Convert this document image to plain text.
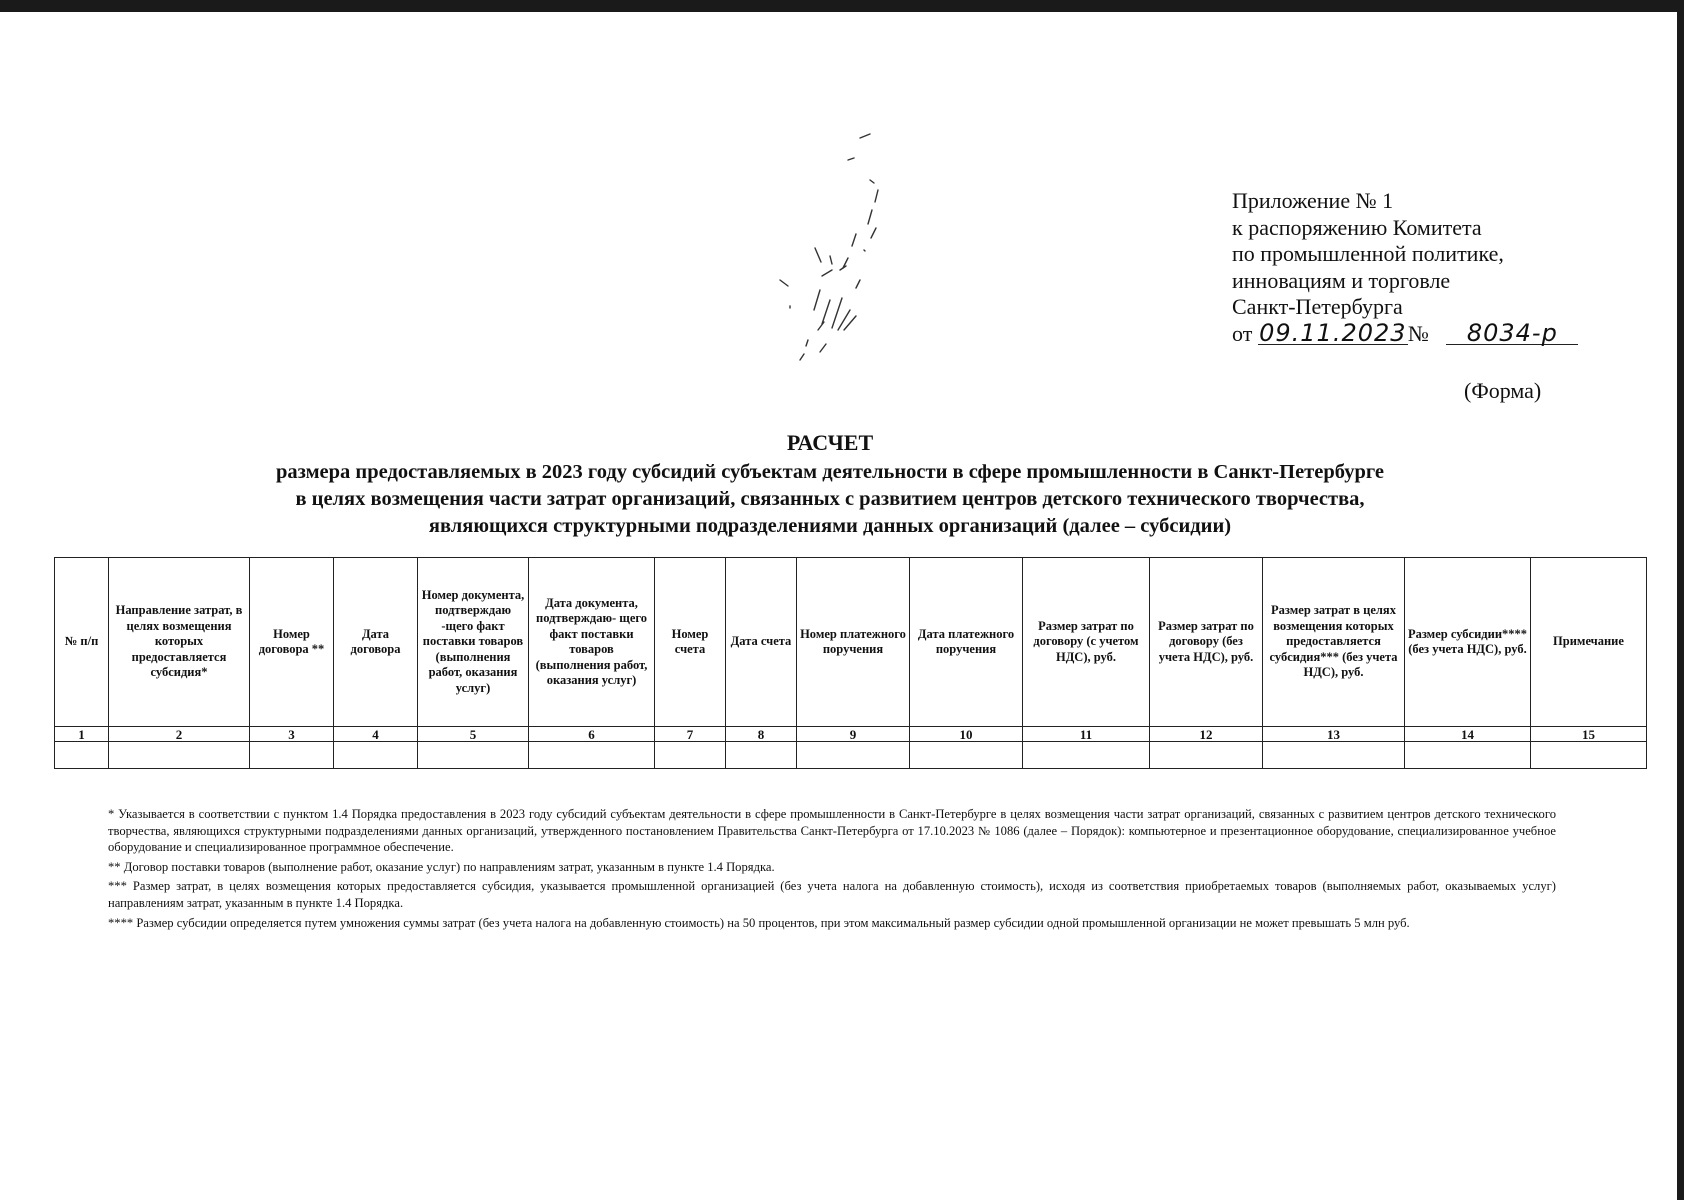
Приложение № 1
к распоряжению Комитета
по промышленной политике,
инновациям и торговле
Санкт-Петербурга
от 09.11.2023№ 8034-р
(Форма)
РАСЧЕТ
размера предоставляемых в 2023 году субсидий субъектам деятельности в сфере промышленности в Санкт-Петербурге
в целях возмещения части затрат организаций, связанных с развитием центров детского технического творчества,
являющихся структурными подразделениями данных организаций (далее – субсидии)
№ п/п	Направление затрат, в целях возмещения которых предоставляется субсидия*	Номер договора **	Дата договора	Номер документа, подтверждаю -щего факт поставки товаров (выполнения работ, оказания услуг)	Дата документа, подтверждаю- щего факт поставки товаров (выполнения работ, оказания услуг)	Номер счета	Дата счета	Номер платежного поручения	Дата платежного поручения	Размер затрат по договору (с учетом НДС), руб.	Размер затрат по договору (без учета НДС), руб.	Размер затрат в целях возмещения которых предоставляется субсидия*** (без учета НДС), руб.	Размер субсидии**** (без учета НДС), руб.	Примечание
1	2	3	4	5	6	7	8	9	10	11	12	13	14	15

* Указывается в соответствии с пунктом 1.4 Порядка предоставления в 2023 году субсидий субъектам деятельности в сфере промышленности в Санкт-Петербурге в целях возмещения части затрат организаций, связанных с развитием центров детского технического творчества, являющихся структурными подразделениями данных организаций, утвержденного постановлением Правительства Санкт-Петербурга от 17.10.2023 № 1086 (далее – Порядок): компьютерное и презентационное оборудование, специализированное учебное оборудование и специализированное программное обеспечение.

** Договор поставки товаров (выполнение работ, оказание услуг) по направлениям затрат, указанным в пункте 1.4 Порядка.

*** Размер затрат, в целях возмещения которых предоставляется субсидия, указывается промышленной организацией (без учета налога на добавленную стоимость), исходя из соответствия приобретаемых товаров (выполняемых работ, оказываемых услуг) направлениям затрат, указанным в пункте 1.4 Порядка.

**** Размер субсидии определяется путем умножения суммы затрат (без учета налога на добавленную стоимость) на 50 процентов, при этом максимальный размер субсидии одной промышленной организации не может превышать 5 млн руб.
